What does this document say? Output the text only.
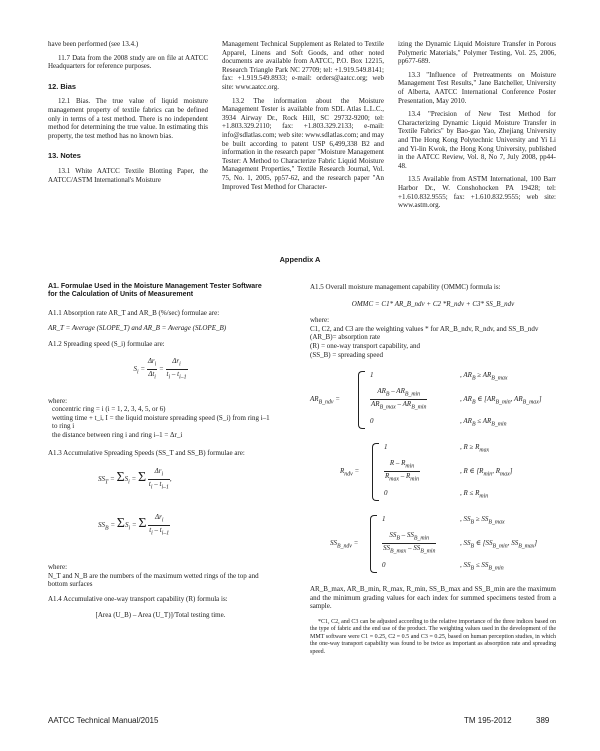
have been performed (see 13.4.)

11.7 Data from the 2008 study are on file at AATCC Headquarters for reference purposes.

12. Bias

12.1 Bias. The true value of liquid moisture management property of textile fabrics can be defined only in terms of a test method. There is no independent method for determining the true value. In estimating this property, the test method has no known bias.

13. Notes

13.1 White AATCC Textile Blotting Paper, the AATCC/ASTM International's Moisture

Management Technical Supplement as Related to Textile Apparel, Linens and Soft Goods, and other noted documents are available from AATCC, P.O. Box 12215, Research Triangle Park NC 27709; tel: +1.919.549.8141; fax: +1.919.549.8933; e-mail: orders@aatcc.org; web site: www.aatcc.org.

13.2 The information about the Moisture Management Tester is available from SDL Atlas L.L.C., 3934 Airway Dr., Rock Hill, SC 29732-9200; tel: +1.803.329.2110; fax: +1.803.329.2133; e-mail: info@sdlatlas.com; web site: www.sdlatlas.com; and may be built according to patent USP 6,499,338 B2 and information in the research paper "Moisture Management Tester: A Method to Characterize Fabric Liquid Moisture Management Properties," Textile Research Journal, Vol. 75, No. 1, 2005, pp57-62, and the research paper "An Improved Test Method for Character-

izing the Dynamic Liquid Moisture Transfer in Porous Polymeric Materials," Polymer Testing, Vol. 25, 2006, pp677-689.

13.3 "Influence of Pretreatments on Moisture Management Test Results," Jane Batcheller, University of Alberta, AATCC International Conference Poster Presentation, May 2010.

13.4 "Precision of New Test Method for Characterizing Dynamic Liquid Moisture Transfer in Textile Fabrics" by Bao-gao Yao, Zhejiang University and The Hong Kong Polytechnic University and Yi Li and Yi-lin Kwok, the Hong Kong University, published in the AATCC Review, Vol. 8, No 7, July 2008, pp44-48.

13.5 Available from ASTM International, 100 Barr Harbor Dr., W. Conshohocken PA 19428; tel: +1.610.832.9555; fax: +1.610.832.9555; web site: www.astm.org.

Appendix A
A1. Formulae Used in the Moisture Management Tester Software for the Calculation of Units of Measurement

A1.1 Absorption rate AR_T and AR_B (%/sec) formulae are:

AR_T = Average (SLOPE_T) and AR_B = Average (SLOPE_B)

A1.2 Spreading speed (S_i) formulae are:

$S_i = \frac{\Delta r_i}{\Delta t_i} = \frac{\Delta r_i}{t_i - t_{i-1}}$

where:

concentric ring = i (i = 1, 2, 3, 4, 5, or 6)

wetting time + t_i, I = the liquid moisture spreading speed (S_i) from ring i–1 to ring i

the distance between ring i and ring i–1 = Δr_i

A1.3 Accumulative Spreading Speeds (SS_T and SS_B) formulae are:

$SS_T = \Sigma S_i = \Sigma \frac{\Delta r_i}{t_i - t_{i-1}}$ ,
$SS_B = \Sigma S_i = \Sigma \frac{\Delta r_i}{t_i - t_{i-1}}$

where:

N_T and N_B are the numbers of the maximum wetted rings of the top and bottom surfaces

A1.4 Accumulative one-way transport capability (R) formula is:

[Area (U_B) – Area (U_T)]/Total testing time.

A1.5 Overall moisture management capability (OMMC) formula is:

OMMC = C1* AR_B_ndv + C2 *R_ndv + C3* SS_B_ndv

where:

C1, C2, and C3 are the weighting values * for AR_B_ndv, R_ndv, and SS_B_ndv

(AR_B)= absorption rate

(R) = one-way transport capability, and

(SS_B) = spreading speed

$AR_{B\_ndv}$ =
1	, $AR_B \ge AR_{B\_max}$
$\frac{AR_B - AR_{B\_min}}{AR_{B\_max} - AR_{B\_min}}$	, $AR_B$ ∈ [$AR_{B\_min}$, $AR_{B\_max}$]
0	, $AR_B \le AR_{B\_min}$
$R_{ndv}$ =
1	, $R \ge R_{max}$
$\frac{R - R_{min}}{R_{max} - R_{min}}$	, R ∈ [$R_{min}$, $R_{max}$]
0	, $R \le R_{min}$
$SS_{B\_ndv}$ =
1	, $SS_B \ge SS_{B\_max}$
$\frac{SS_B - SS_{B\_min}}{SS_{B\_max} - SS_{B\_min}}$	, $SS_B$ ∈ [$SS_{B\_min}$, $SS_{B\_max}$]
0	, $SS_B \le SS_{B\_min}$

AR_B_max, AR_B_min, R_max, R_min, SS_B_max and SS_B_min are the maximum and the minimum grading values for each index for summed specimens tested from a sample.

*C1, C2, and C3 can be adjusted according to the relative importance of the three indices based on the type of fabric and the end use of the product. The weighting values used in the development of the MMT software were C1 = 0.25, C2 = 0.5 and C3 = 0.25, based on human perception studies, in which the one-way transport capability was found to be twice as important as absorption rate and spreading speed.

AATCC Technical Manual/2015	TM 195-2012	389
